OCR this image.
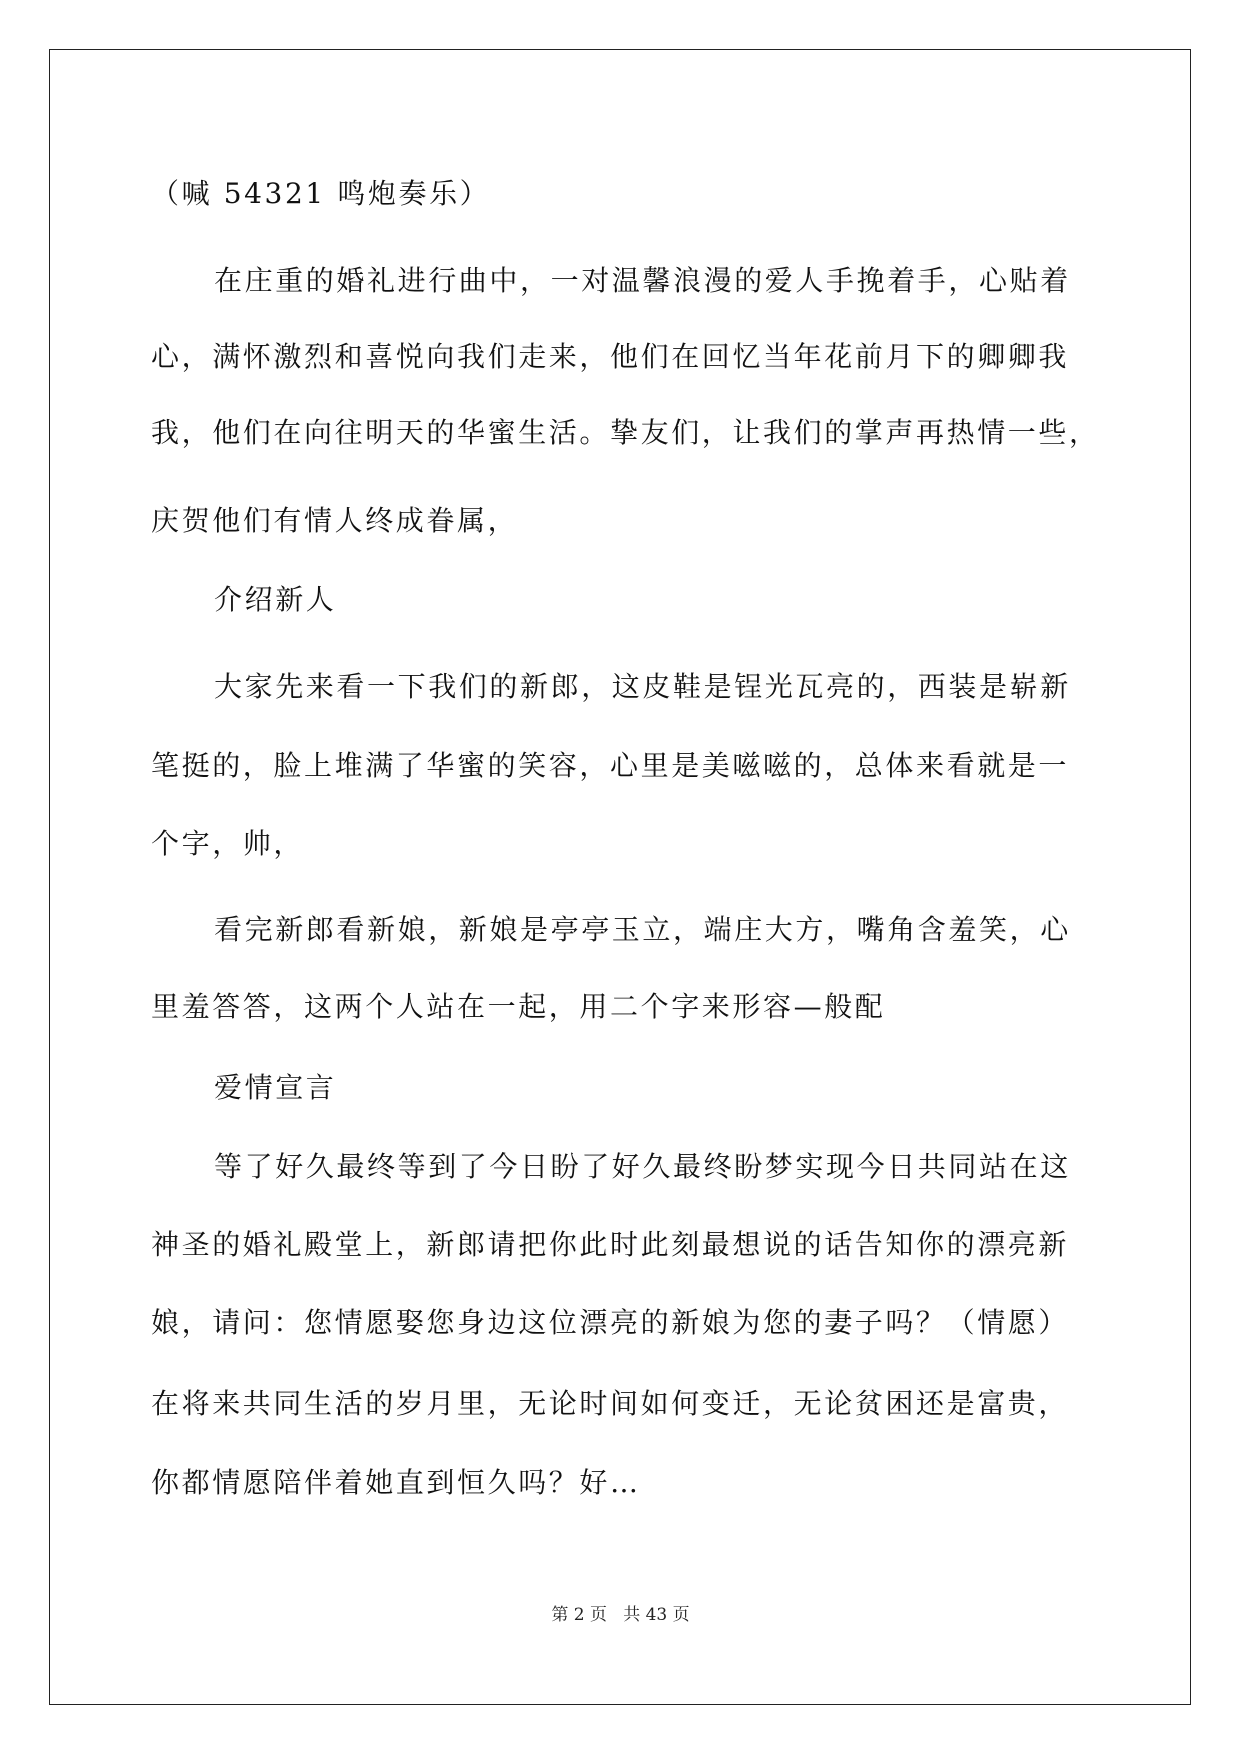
（喊 54321 鸣炮奏乐）
在庄重的婚礼进行曲中，一对温馨浪漫的爱人手挽着手，心贴着
心，满怀激烈和喜悦向我们走来，他们在回忆当年花前月下的卿卿我
我，他们在向往明天的华蜜生活。挚友们，让我们的掌声再热情一些，
庆贺他们有情人终成眷属，
介绍新人
大家先来看一下我们的新郎，这皮鞋是锃光瓦亮的，西装是崭新
笔挺的，脸上堆满了华蜜的笑容，心里是美嗞嗞的，总体来看就是一
个字，帅，
看完新郎看新娘，新娘是亭亭玉立，端庄大方，嘴角含羞笑，心
里羞答答，这两个人站在一起，用二个字来形容—般配
爱情宣言
等了好久最终等到了今日盼了好久最终盼梦实现今日共同站在这
神圣的婚礼殿堂上，新郎请把你此时此刻最想说的话告知你的漂亮新
娘，请问：您情愿娶您身边这位漂亮的新娘为您的妻子吗？（情愿）
在将来共同生活的岁月里，无论时间如何变迁，无论贫困还是富贵，
你都情愿陪伴着她直到恒久吗？好…
第 2 页   共 43 页
